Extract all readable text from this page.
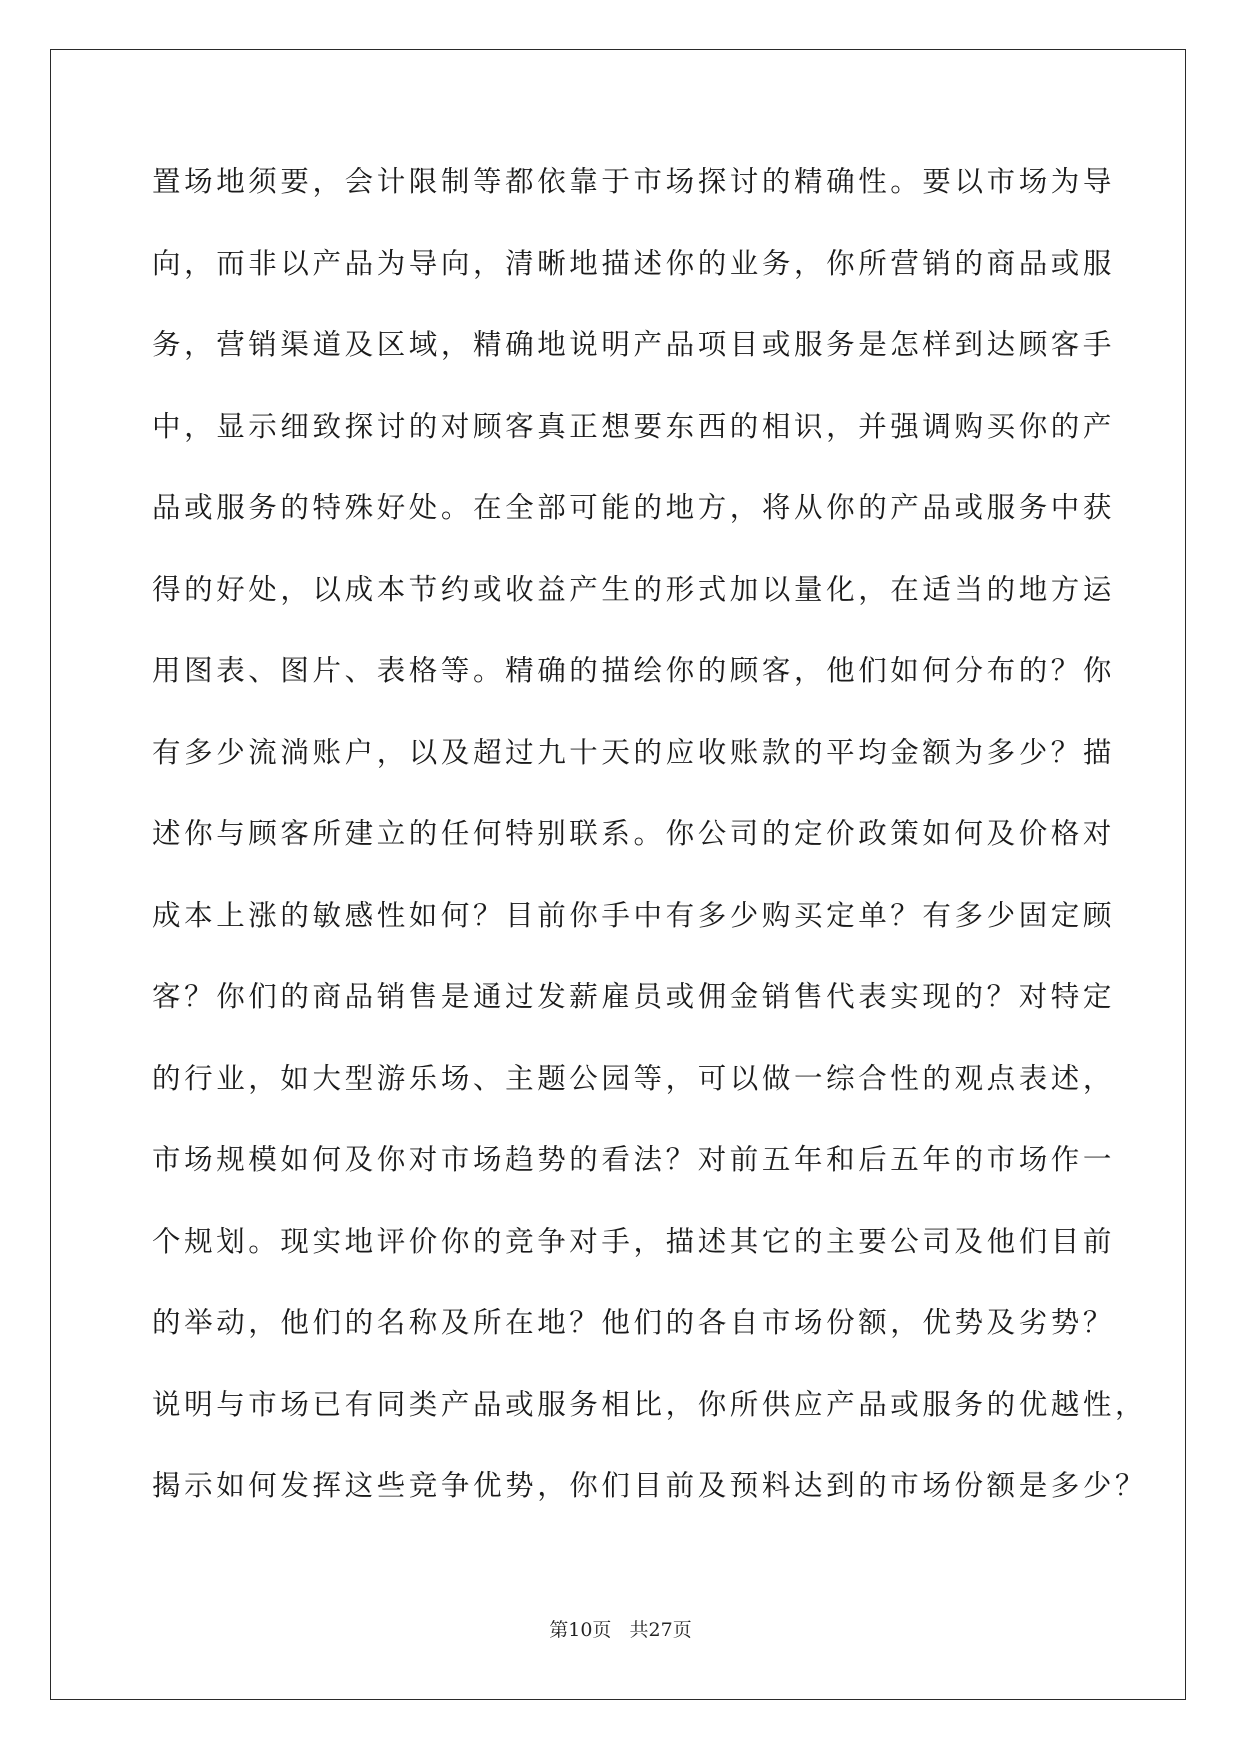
置场地须要，会计限制等都依靠于市场探讨的精确性。要以市场为导
向，而非以产品为导向，清晰地描述你的业务，你所营销的商品或服
务，营销渠道及区域，精确地说明产品项目或服务是怎样到达顾客手
中，显示细致探讨的对顾客真正想要东西的相识，并强调购买你的产
品或服务的特殊好处。在全部可能的地方，将从你的产品或服务中获
得的好处，以成本节约或收益产生的形式加以量化，在适当的地方运
用图表、图片、表格等。精确的描绘你的顾客，他们如何分布的？你
有多少流淌账户，以及超过九十天的应收账款的平均金额为多少？描
述你与顾客所建立的任何特别联系。你公司的定价政策如何及价格对
成本上涨的敏感性如何？目前你手中有多少购买定单？有多少固定顾
客？你们的商品销售是通过发薪雇员或佣金销售代表实现的？对特定
的行业，如大型游乐场、主题公园等，可以做一综合性的观点表述，
市场规模如何及你对市场趋势的看法？对前五年和后五年的市场作一
个规划。现实地评价你的竞争对手，描述其它的主要公司及他们目前
的举动，他们的名称及所在地？他们的各自市场份额，优势及劣势？
说明与市场已有同类产品或服务相比，你所供应产品或服务的优越性，
揭示如何发挥这些竞争优势，你们目前及预料达到的市场份额是多少？
第10页   共27页
